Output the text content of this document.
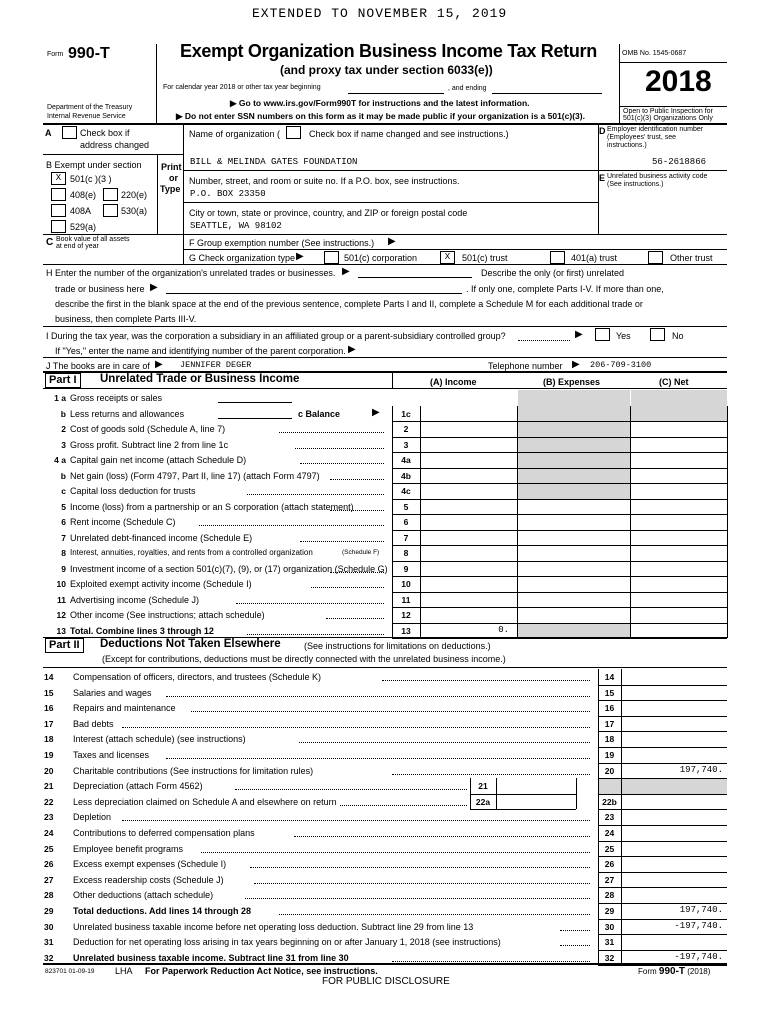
EXTENDED TO NOVEMBER 15, 2019
Form 990-T	Exempt Organization Business Income Tax Return
(and proxy tax under section 6033(e))
For calendar year 2018 or other tax year beginning	, and ending
OMB No. 1545-0687
2018
Department of the Treasury
Internal Revenue Service
▶ Go to www.irs.gov/Form990T for instructions and the latest information.
▶ Do not enter SSN numbers on this form as it may be made public if your organization is a 501(c)(3).	Open to Public Inspection for
501(c)(3) Organizations Only
A	Check box if
address changed
B Exempt under section
X 501(c )(3 )
408(e)	220(e)
408A	530(a)
529(a)
C Book value of all assets
at end of year
Print
or
Type
Name of organization (	Check box if name changed and see instructions.)
BILL & MELINDA GATES FOUNDATION
Number, street, and room or suite no. If a P.O. box, see instructions.
P.O. BOX 23350
City or town, state or province, country, and ZIP or foreign postal code
SEATTLE, WA 98102
D Employer identification number
(Employees' trust, see
instructions.)
56-2618866
E Unrelated business activity code
(See instructions.)
F Group exemption number (See instructions.) ▶
G Check organization type ▶	501(c) corporation	X	501(c) trust	401(a) trust	Other trust
H Enter the number of the organization's unrelated trades or businesses. ▶	Describe the only (or first) unrelated
trade or business here ▶	. If only one, complete Parts I-V. If more than one,
describe the first in the blank space at the end of the previous sentence, complete Parts I and II, complete a Schedule M for each additional trade or
business, then complete Parts III-V.
I During the tax year, was the corporation a subsidiary in an affiliated group or a parent-subsidiary controlled group?	▶	Yes	No
If "Yes," enter the name and identifying number of the parent corporation. ▶
J The books are in care of ▶ JENNIFER DEGER	Telephone number ▶ 206-709-3100
Part I	Unrelated Trade or Business Income	(A) Income	(B) Expenses	(C) Net
1 a Gross receipts or sales
b Less returns and allowances	c Balance	▶	1c
2 Cost of goods sold (Schedule A, line 7)	2
3 Gross profit. Subtract line 2 from line 1c	3
4 a Capital gain net income (attach Schedule D)	4a
b Net gain (loss) (Form 4797, Part II, line 17) (attach Form 4797)	4b
c Capital loss deduction for trusts	4c
5 Income (loss) from a partnership or an S corporation (attach statement)	5
6 Rent income (Schedule C)	6
7 Unrelated debt-financed income (Schedule E)	7
8 Interest, annuities, royalties, and rents from a controlled organization	(Schedule F)	8
9 Investment income of a section 501(c)(7), (9), or (17) organization (Schedule G)	9
10 Exploited exempt activity income (Schedule I)	10
11 Advertising income (Schedule J)	11
12 Other income (See instructions; attach schedule)	12
13 Total. Combine lines 3 through 12	13	0.
Part II	Deductions Not Taken Elsewhere	(See instructions for limitations on deductions.)
(Except for contributions, deductions must be directly connected with the unrelated business income.)
14	Compensation of officers, directors, and trustees (Schedule K)	14
15	Salaries and wages	15
16	Repairs and maintenance	16
17	Bad debts	17
18	Interest (attach schedule) (see instructions)	18
19	Taxes and licenses	19
20	Charitable contributions (See instructions for limitation rules)	20	197,740.
21	Depreciation (attach Form 4562)	21
22	Less depreciation claimed on Schedule A and elsewhere on return	22a	22b
23	Depletion	23
24	Contributions to deferred compensation plans	24
25	Employee benefit programs	25
26	Excess exempt expenses (Schedule I)	26
27	Excess readership costs (Schedule J)	27
28	Other deductions (attach schedule)	28
29	Total deductions. Add lines 14 through 28	29	197,740.
30	Unrelated business taxable income before net operating loss deduction. Subtract line 29 from line 13	30	-197,740.
31	Deduction for net operating loss arising in tax years beginning on or after January 1, 2018 (see instructions)	31
32	Unrelated business taxable income. Subtract line 31 from line 30	32	-197,740.
823701 01-09-19 LHA For Paperwork Reduction Act Notice, see instructions.	Form 990-T (2018)
FOR PUBLIC DISCLOSURE
